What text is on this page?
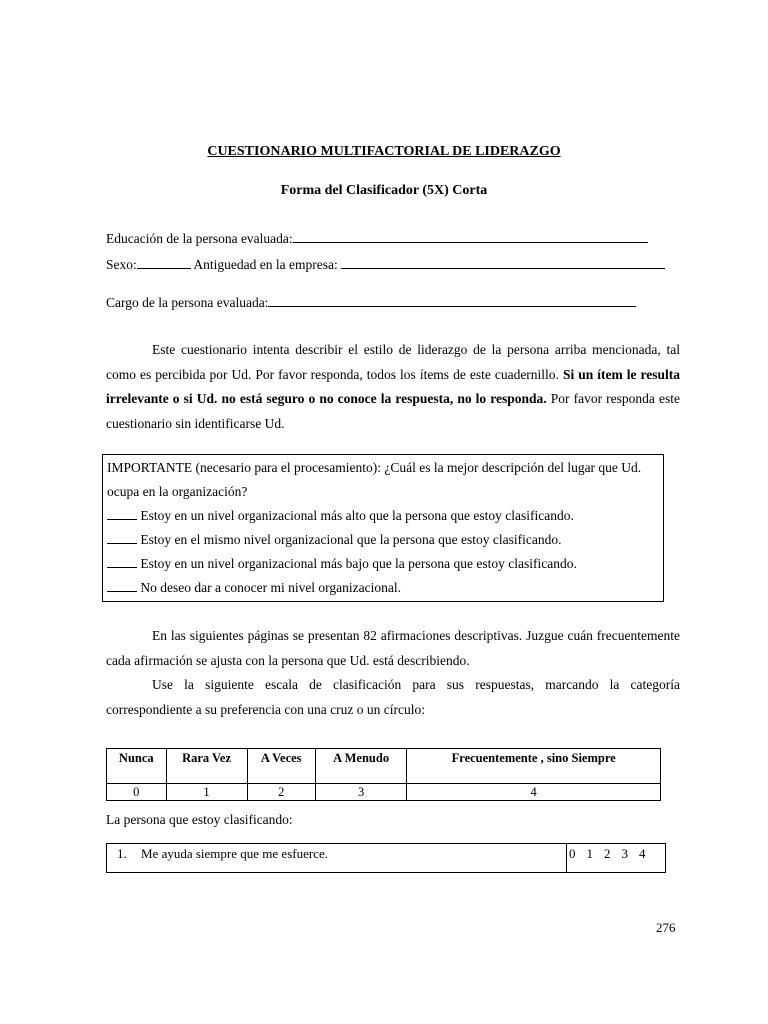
CUESTIONARIO MULTIFACTORIAL DE LIDERAZGO
Forma del Clasificador (5X) Corta
Educación de la persona evaluada:
Sexo:	Antiguedad en la empresa:
Cargo de la persona evaluada:

Este cuestionario intenta describir el estilo de liderazgo de la persona arriba mencionada, tal como es percibida por Ud. Por favor responda, todos los ítems de este cuadernillo. Si un ítem le resulta irrelevante o si Ud. no está seguro o no conoce la respuesta, no lo responda. Por favor responda este cuestionario sin identificarse Ud.

IMPORTANTE (necesario para el procesamiento): ¿Cuál es la mejor descripción del lugar que Ud. ocupa en la organización?
Estoy en un nivel organizacional más alto que la persona que estoy clasificando.
Estoy en el mismo nivel organizacional que la persona que estoy clasificando.
Estoy en un nivel organizacional más bajo que la persona que estoy clasificando.
No deseo dar a conocer mi nivel organizacional.

En las siguientes páginas se presentan 82 afirmaciones descriptivas. Juzgue cuán frecuentemente cada afirmación se ajusta con la persona que Ud. está describiendo.

Use la siguiente escala de clasificación para sus respuestas, marcando la categoría correspondiente a su preferencia con una cruz o un círculo:

Nunca	Rara Vez	A Veces	A Menudo	Frecuentemente , sino Siempre
0	1	2	3	4
La persona que estoy clasificando:
1. Me ayuda siempre que me esfuerce.	0 1 2 3 4
276
